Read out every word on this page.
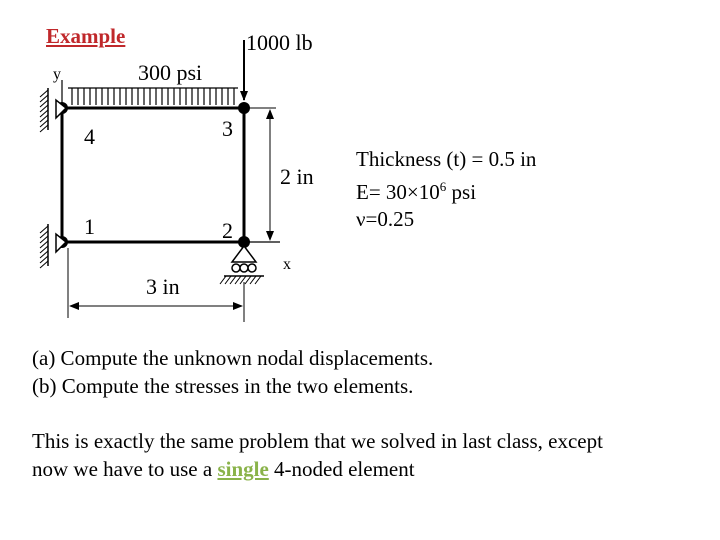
Example	1000 lb
300 psi
y
x
4	3
1	2
2 in
3 in
Thickness (t) = 0.5 in
$E= 30\times 10^6$ psi
ν=0.25
(a) Compute the unknown nodal displacements.
(b) Compute the stresses in the two elements.
This is exactly the same problem that we solved in last class, except
now we have to use a single 4-noded element
